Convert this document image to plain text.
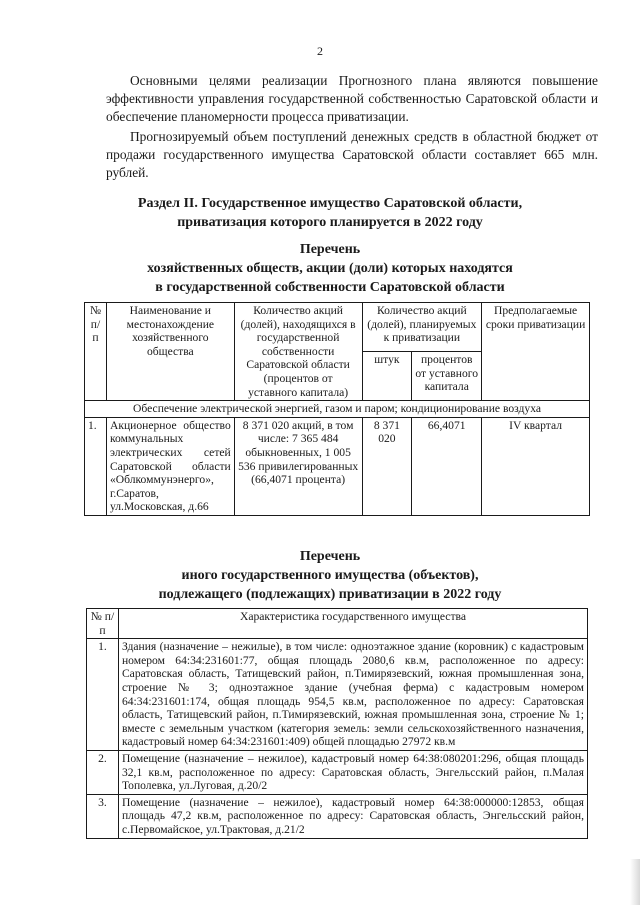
2

Основными целями реализации Прогнозного плана являются повышение эффективности управления государственной собственностью Саратовской области и обеспечение планомерности процесса приватизации.

Прогнозируемый объем поступлений денежных средств в областной бюджет от продажи государственного имущества Саратовской области составляет 665 млн. рублей.

Раздел II. Государственное имущество Саратовской области,
приватизация которого планируется в 2022 году
Перечень
хозяйственных обществ, акции (доли) которых находятся
в государственной собственности Саратовской области
№ п/п	Наименование и местонахождение хозяйственного общества	Количество акций (долей), находящихся в государственной собственности Саратовской области (процентов от уставного капитала)	Количество акций (долей), планируемых к приватизации		Предполагаемые сроки приватизации
			штук	процентов от уставного капитала	
Обеспечение электрической энергией, газом и паром; кондиционирование воздуха					
1.	Акционерное общество коммунальных электрических сетей Саратовской области «Облкоммунэнерго», г.Саратов, ул.Московская, д.66	8 371 020 акций, в том числе: 7 365 484 обыкновенных, 1 005 536 привилегированных (66,4071 процента)	8 371 020	66,4071	IV квартал
Перечень
иного государственного имущества (объектов),
подлежащего (подлежащих) приватизации в 2022 году
№ п/п	Характеристика государственного имущества
1.	Здания (назначение – нежилые), в том числе: одноэтажное здание (коровник) с кадастровым номером 64:34:231601:77, общая площадь 2080,6 кв.м, расположенное по адресу: Саратовская область, Татищевский район, п.Тимирязевский, южная промышленная зона, строение № 3; одноэтажное здание (учебная ферма) с кадастровым номером 64:34:231601:174, общая площадь 954,5 кв.м, расположенное по адресу: Саратовская область, Татищевский район, п.Тимирязевский, южная промышленная зона, строение № 1; вместе с земельным участком (категория земель: земли сельскохозяйственного назначения, кадастровый номер 64:34:231601:409) общей площадью 27972 кв.м
2.	Помещение (назначение – нежилое), кадастровый номер 64:38:080201:296, общая площадь 32,1 кв.м, расположенное по адресу: Саратовская область, Энгельсский район, п.Малая Тополевка, ул.Луговая, д.20/2
3.	Помещение (назначение – нежилое), кадастровый номер 64:38:000000:12853, общая площадь 47,2 кв.м, расположенное по адресу: Саратовская область, Энгельсский район, с.Первомайское, ул.Трактовая, д.21/2
